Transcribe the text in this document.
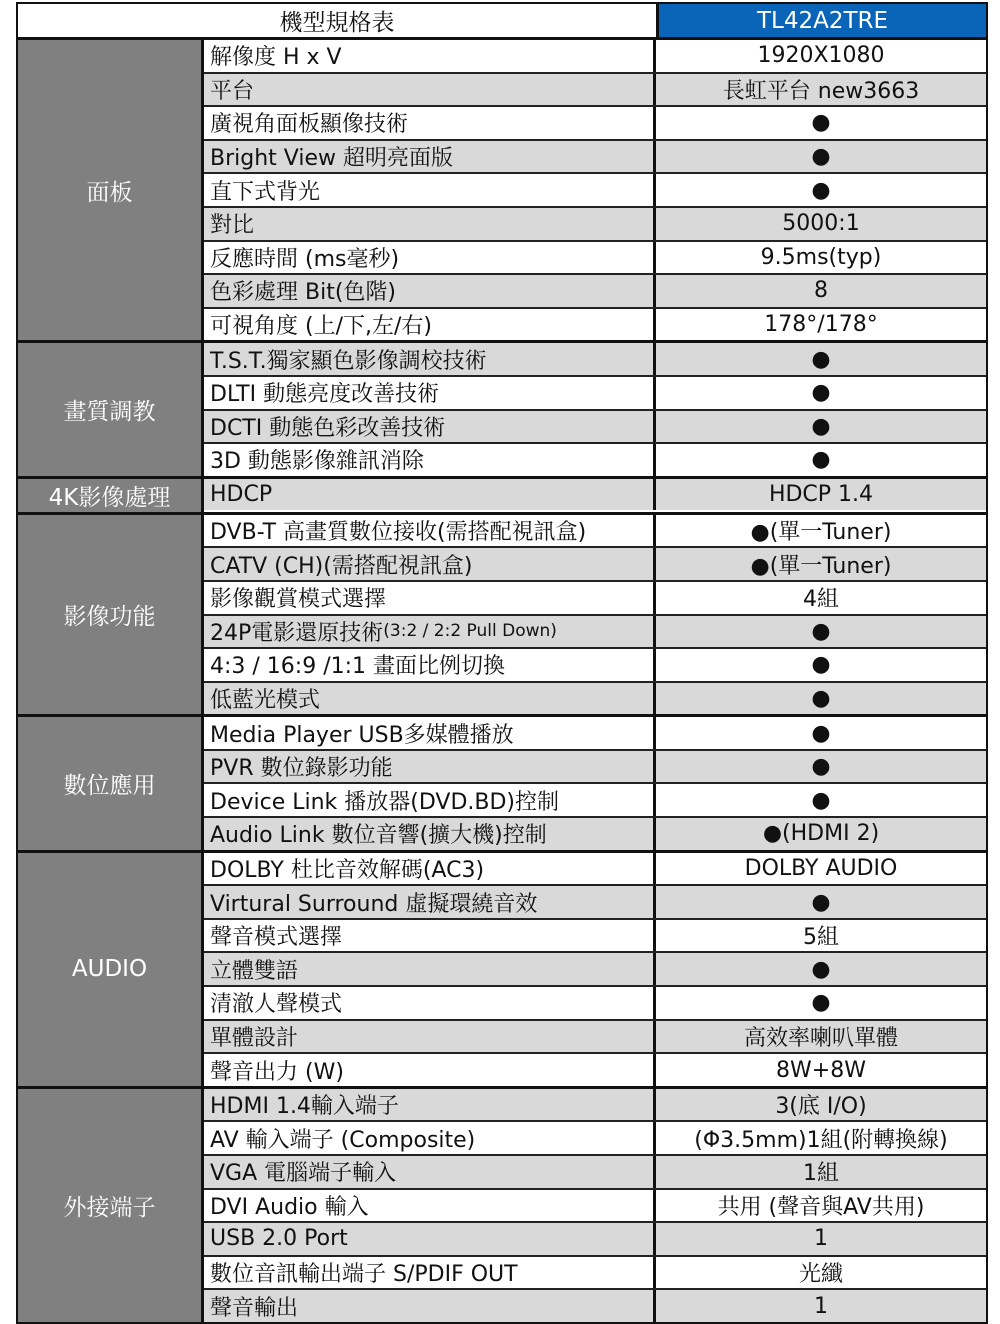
機型規格表	TL42A2TRE
面板
解像度 H x V	1920X1080
平台	長虹平台 new3663
廣視角面板顯像技術	●
Bright View 超明亮面版	●
直下式背光	●
對比	5000:1
反應時間 (ms毫秒)	9.5ms(typ)
色彩處理 Bit(色階)	8
可視角度 (上/下,左/右)	178°/178°
畫質調教
T.S.T.獨家顯色影像調校技術	●
DLTI 動態亮度改善技術	●
DCTI 動態色彩改善技術	●
3D 動態影像雜訊消除	●
4K影像處理	HDCP	HDCP 1.4
影像功能
DVB-T 高畫質數位接收(需搭配視訊盒)	●(單一Tuner)
CATV (CH)(需搭配視訊盒)	●(單一Tuner)
影像觀賞模式選擇	4組
24P電影還原技術 (3:2 / 2:2 Pull Down)	●
4:3 / 16:9 /1:1 畫面比例切換	●
低藍光模式	●
數位應用
Media Player USB多媒體播放	●
PVR 數位錄影功能	●
Device Link 播放器(DVD.BD)控制	●
Audio Link 數位音響(擴大機)控制	●(HDMI 2)
AUDIO
DOLBY 杜比音效解碼(AC3)	DOLBY AUDIO
Virtural Surround 虛擬環繞音效	●
聲音模式選擇	5組
立體雙語	●
清澈人聲模式	●
單體設計	高效率喇叭單體
聲音出力 (W)	8W+8W
外接端子
HDMI 1.4輸入端子	3(底 I/O)
AV 輸入端子 (Composite)	(Φ3.5mm)1組(附轉換線)
VGA 電腦端子輸入	1組
DVI Audio 輸入	共用 (聲音與AV共用)
USB 2.0 Port	1
數位音訊輸出端子 S/PDIF OUT	光纖
聲音輸出	1
